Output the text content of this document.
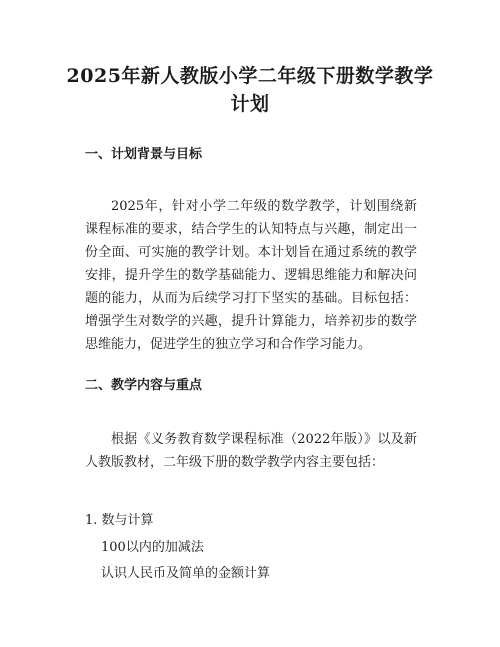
2025年新人教版小学二年级下册数学教学计划
一、计划背景与目标

2025年，针对小学二年级的数学教学，计划围绕新课程标准的要求，结合学生的认知特点与兴趣，制定出一份全面、可实施的教学计划。本计划旨在通过系统的教学安排，提升学生的数学基础能力、逻辑思维能力和解决问题的能力，从而为后续学习打下坚实的基础。目标包括：增强学生对数学的兴趣，提升计算能力，培养初步的数学思维能力，促进学生的独立学习和合作学习能力。

二、教学内容与重点

根据《义务教育数学课程标准（2022年版）》以及新人教版教材，二年级下册的数学教学内容主要包括：

1. 数与计算
100以内的加减法
认识人民币及简单的金额计算
